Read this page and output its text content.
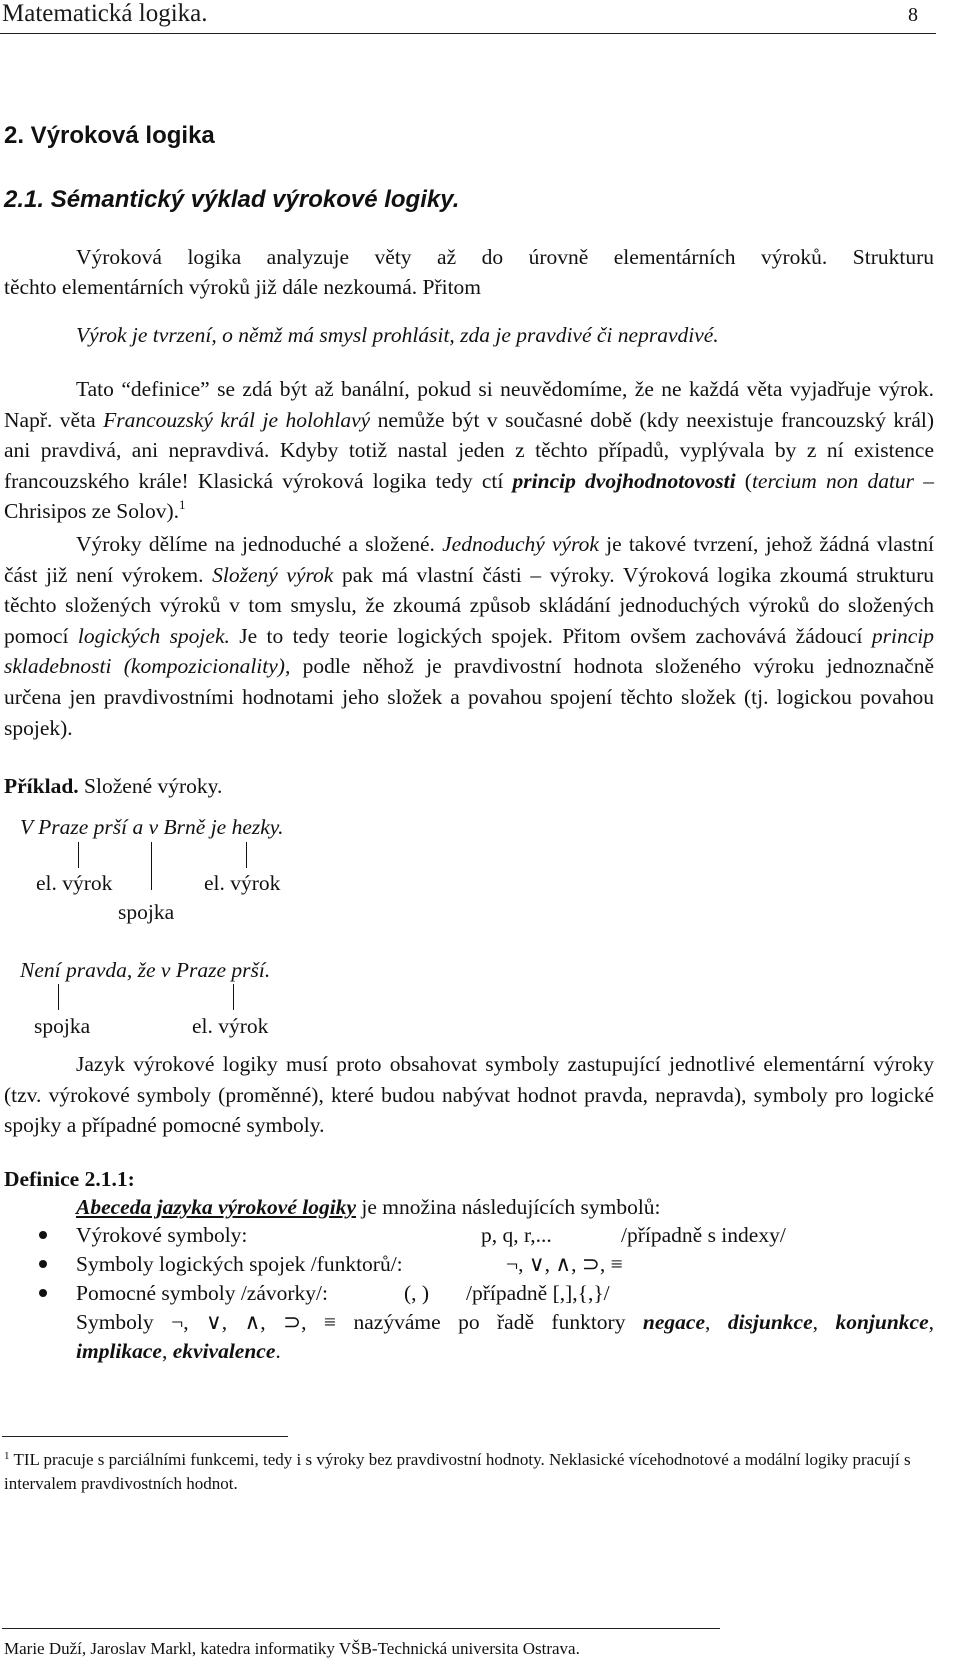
Matematická logika.	8
2. Výroková logika
2.1. Sémantický výklad výrokové logiky.
Výroková logika analyzuje věty až do úrovně elementárních výroků. Strukturu
těchto elementárních výroků již dále nezkoumá. Přitom
Výrok je tvrzení, o němž má smysl prohlásit, zda je pravdivé či nepravdivé.
Tato “definice” se zdá být až banální, pokud si neuvědomíme, že ne každá věta vyjadřuje výrok. Např. věta Francouzský král je holohlavý nemůže být v současné době (kdy neexistuje francouzský král) ani pravdivá, ani nepravdivá. Kdyby totiž nastal jeden z těchto případů, vyplývala by z ní existence francouzského krále! Klasická výroková logika tedy ctí princip dvojhodnotovosti (tercium non datur – Chrisipos ze Solov).$^1$
Výroky dělíme na jednoduché a složené. Jednoduchý výrok je takové tvrzení, jehož žádná vlastní část již není výrokem. Složený výrok pak má vlastní části – výroky. Výroková logika zkoumá strukturu těchto složených výroků v tom smyslu, že zkoumá způsob skládání jednoduchých výroků do složených pomocí logických spojek. Je to tedy teorie logických spojek. Přitom ovšem zachovává žádoucí princip skladebnosti (kompozicionality), podle něhož je pravdivostní hodnota složeného výroku jednoznačně určena jen pravdivostními hodnotami jeho složek a povahou spojení těchto složek (tj. logickou povahou spojek).
Příklad. Složené výroky.
V Praze prší a v Brně je hezky.
el. výrok	el. výrok
spojka
Není pravda, že v Praze prší.
spojka	el. výrok
Jazyk výrokové logiky musí proto obsahovat symboly zastupující jednotlivé elementární výroky (tzv. výrokové symboly (proměnné), které budou nabývat hodnot pravda, nepravda), symboly pro logické spojky a případné pomocné symboly.
Definice 2.1.1:
Abeceda jazyka výrokové logiky je množina následujících symbolů:
Výrokové symboly:	p, q, r,...	/případně s indexy/
Symboly logických spojek /funktorů/:	¬, ∨, ∧, ⊃, ≡
Pomocné symboly /závorky/:	(, ) /případně [,],{,}/
Symboly ¬, ∨, ∧, ⊃, ≡ nazýváme po řadě funktory negace, disjunkce, konjunkce,
implikace, ekvivalence.
$^1$ TIL pracuje s parciálními funkcemi, tedy i s výroky bez pravdivostní hodnoty. Neklasické vícehodnotové a modální logiky pracují s intervalem pravdivostních hodnot.
Marie Duží, Jaroslav Markl, katedra informatiky VŠB-Technická universita Ostrava.
